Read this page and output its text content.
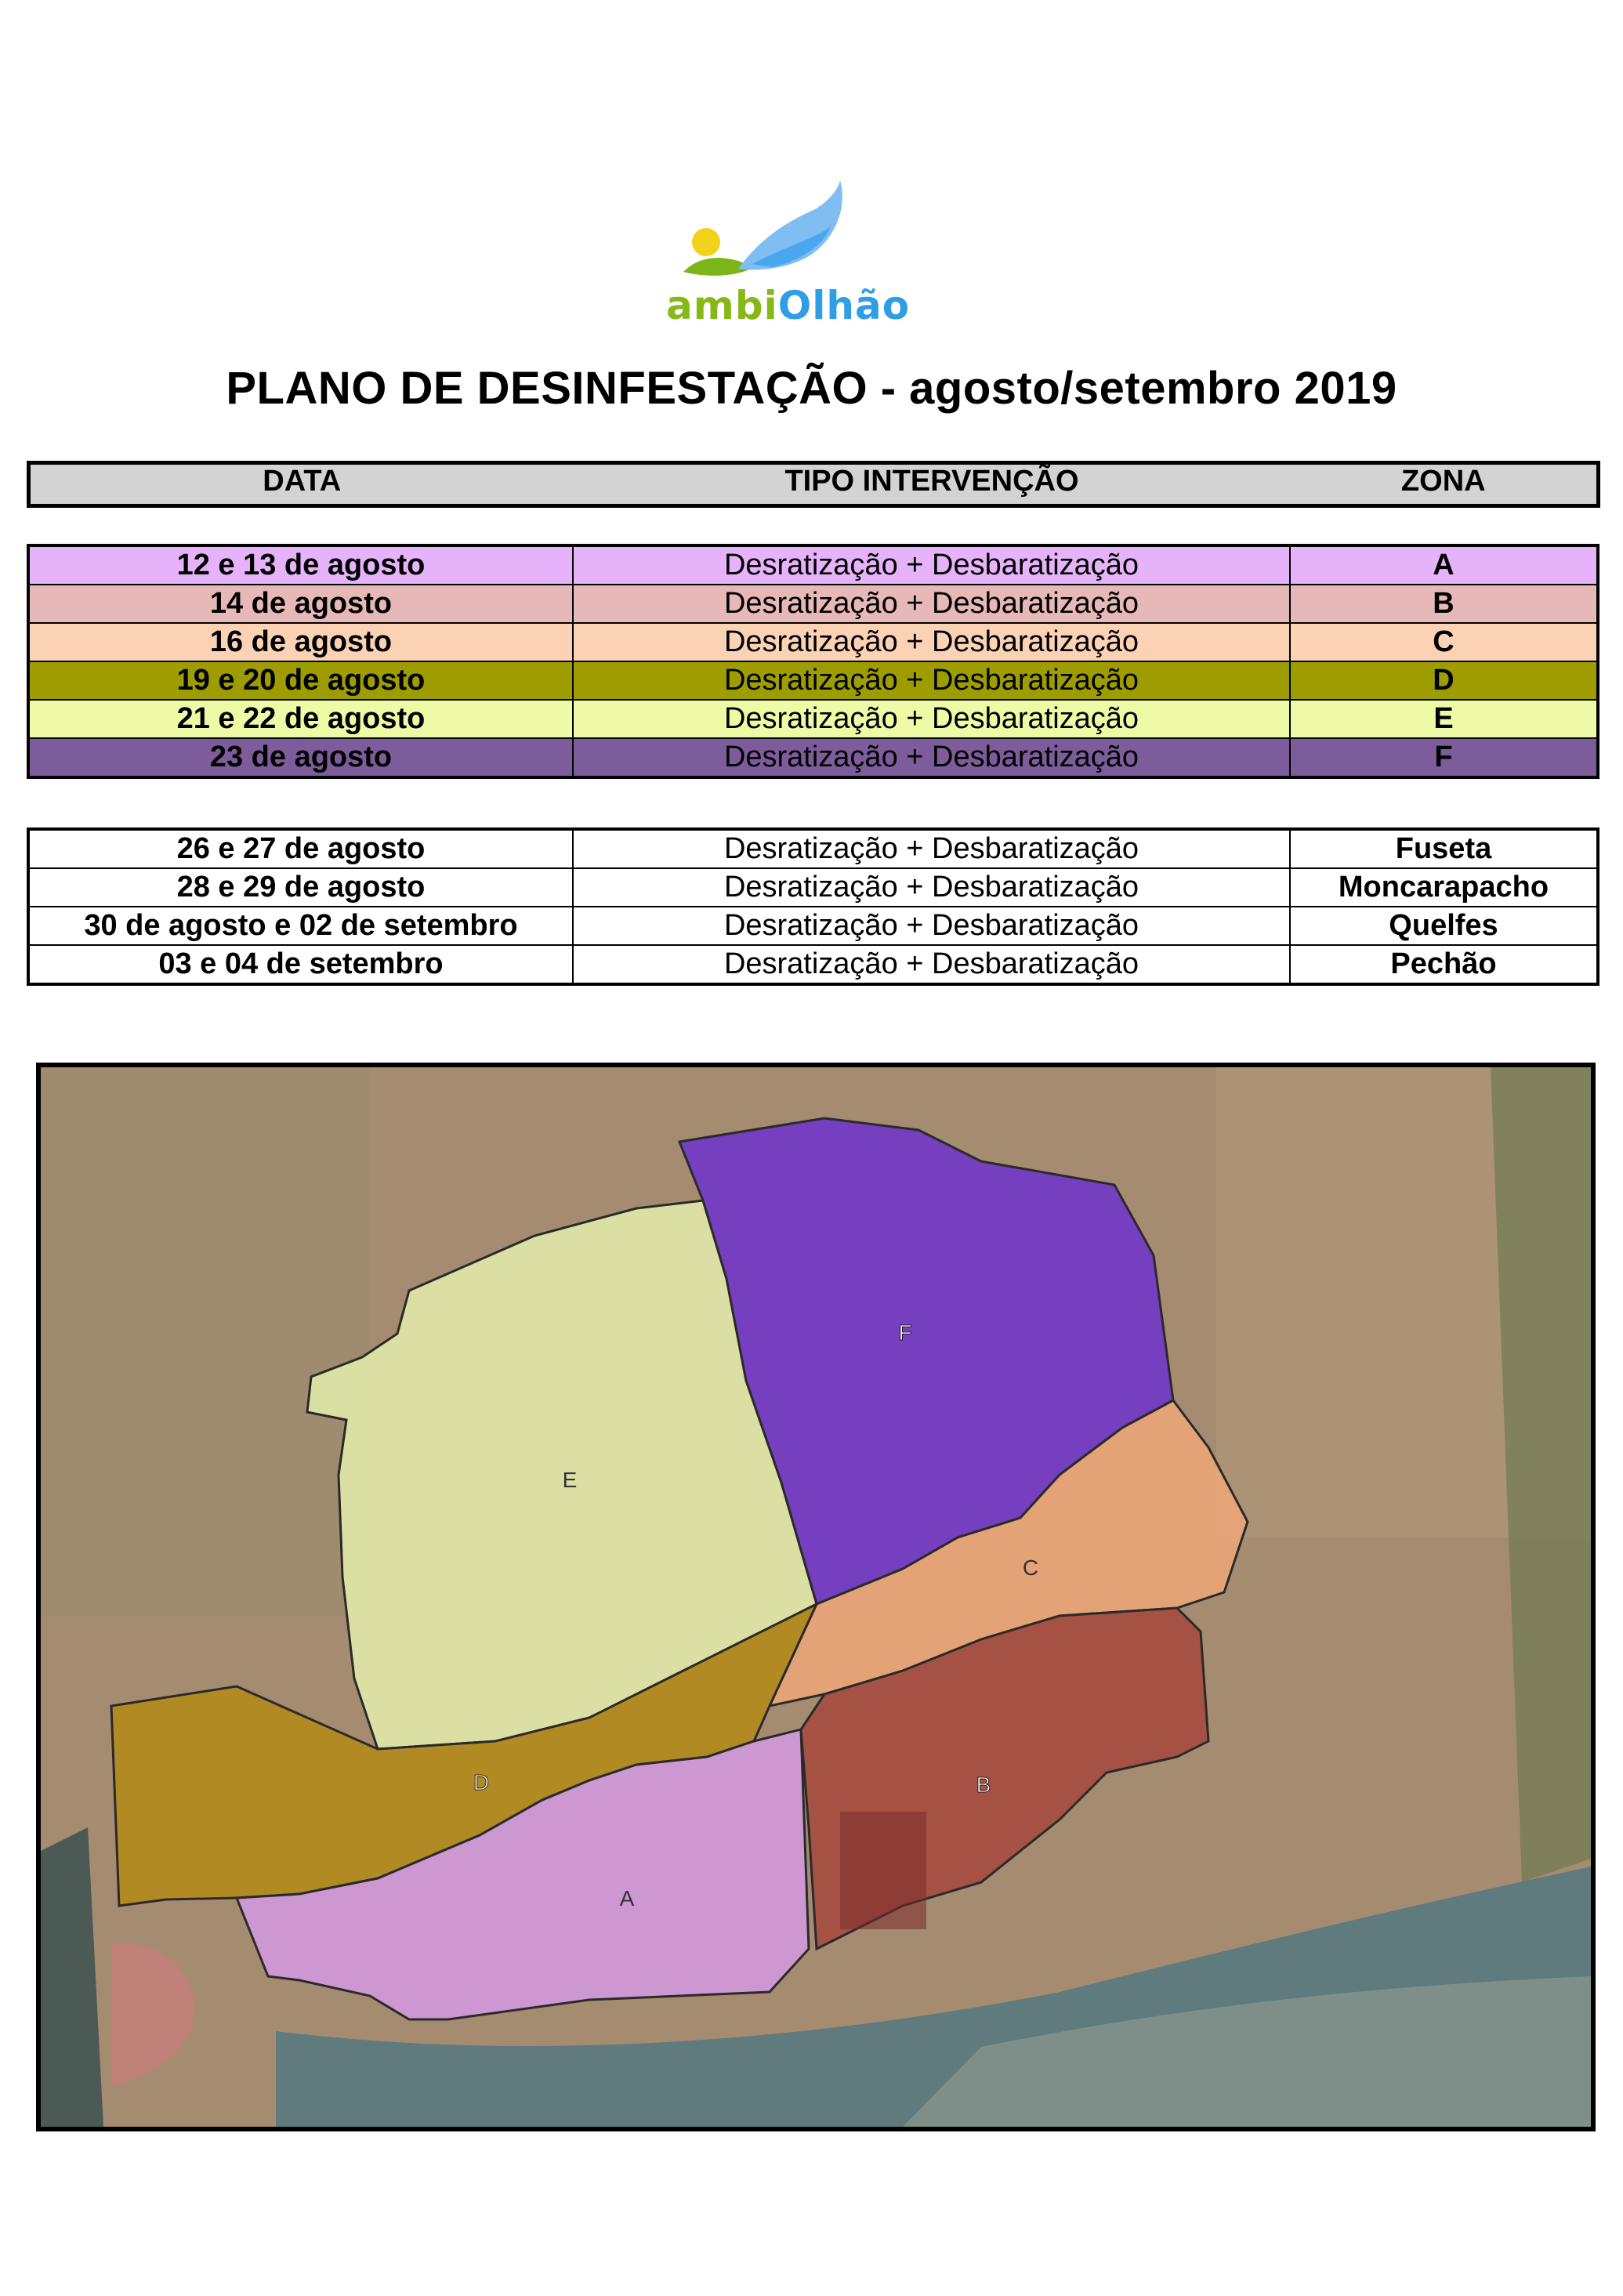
ambiOlhão
PLANO DE DESINFESTAÇÃO - agosto/setembro 2019
DATA	TIPO INTERVENÇÃO	ZONA
12 e 13 de agosto	Desratização + Desbaratização	A
14 de agosto	Desratização + Desbaratização	B
16 de agosto	Desratização + Desbaratização	C
19 e 20 de agosto	Desratização + Desbaratização	D
21 e 22 de agosto	Desratização + Desbaratização	E
23 de agosto	Desratização + Desbaratização	F
26 e 27 de agosto	Desratização + Desbaratização	Fuseta
28 e 29 de agosto	Desratização + Desbaratização	Moncarapacho
30 de agosto e 02 de setembro	Desratização + Desbaratização	Quelfes
03 e 04 de setembro	Desratização + Desbaratização	Pechão
F
E
C
D	B
A
